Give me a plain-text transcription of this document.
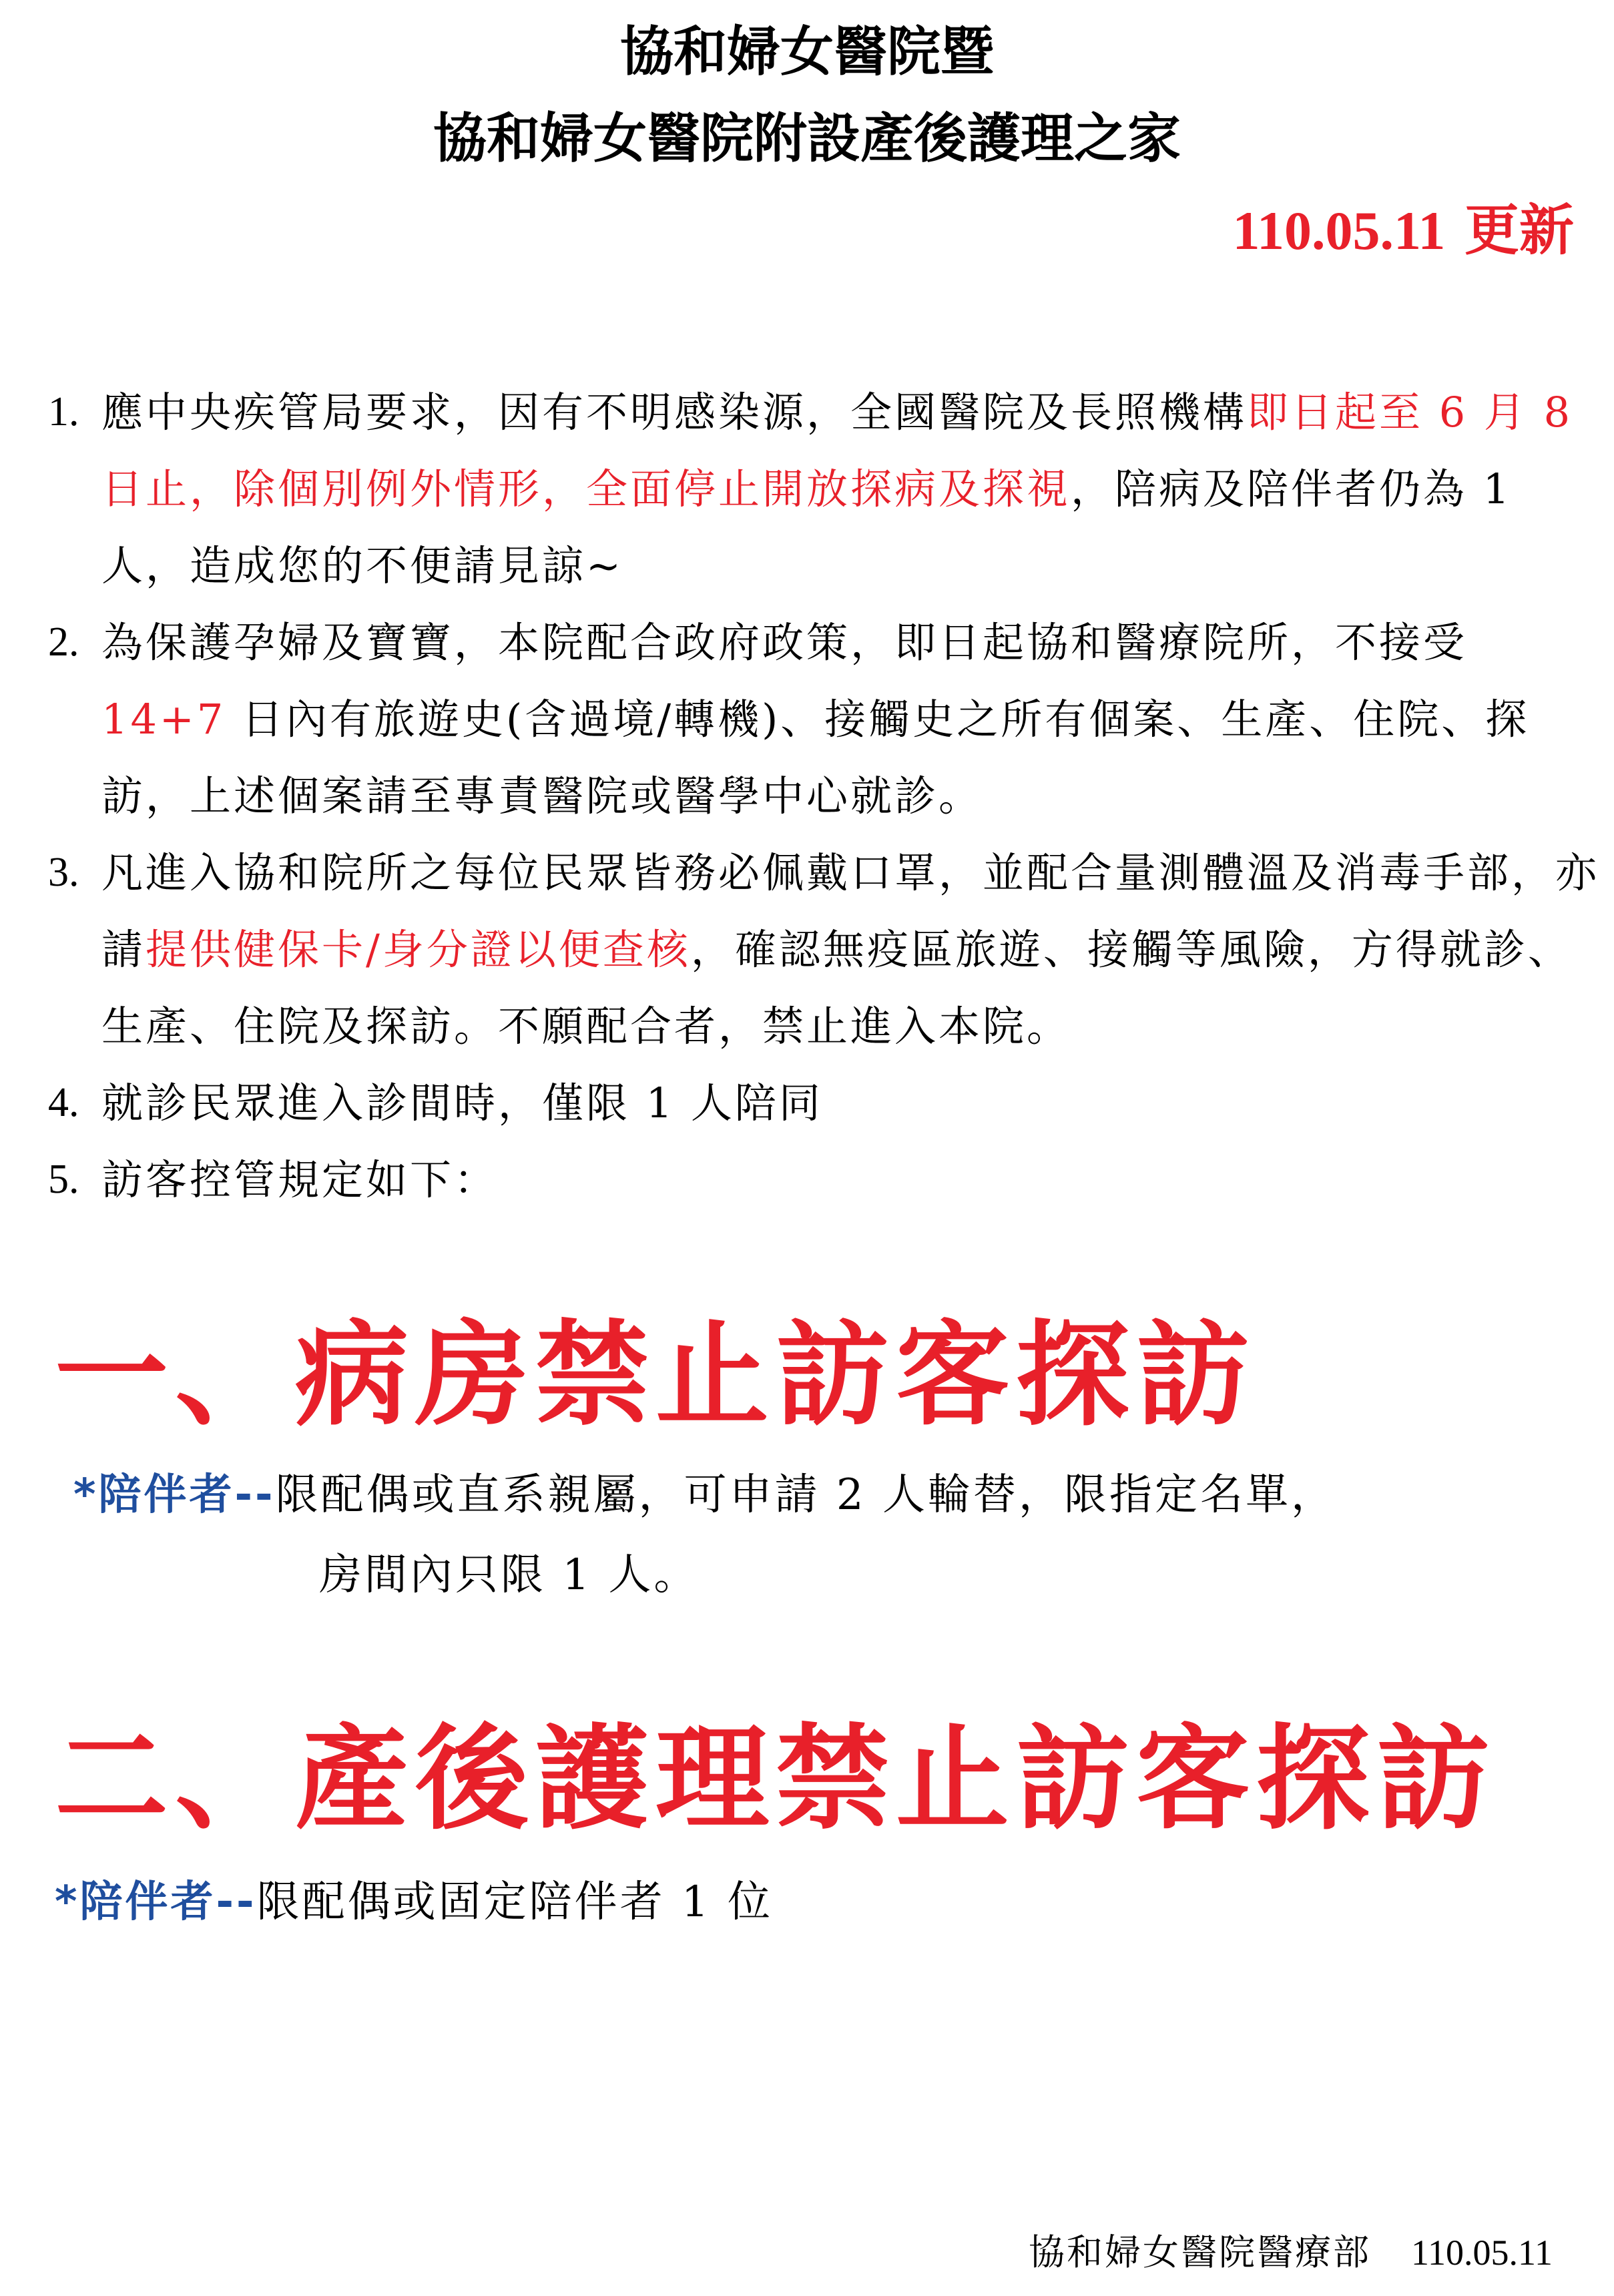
協和婦女醫院暨
協和婦女醫院附設產後護理之家
110.05.11 更新
1. 應中央疾管局要求，因有不明感染源，全國醫院及長照機構即日起至 6 月 8 日止，除個別例外情形，全面停止開放探病及探視，陪病及陪伴者仍為 1 人，造成您的不便請見諒~
2. 為保護孕婦及寶寶，本院配合政府政策，即日起協和醫療院所，不接受 14+7 日內有旅遊史(含過境/轉機)、接觸史之所有個案、生產、住院、探訪，上述個案請至專責醫院或醫學中心就診。
3. 凡進入協和院所之每位民眾皆務必佩戴口罩，並配合量測體溫及消毒手部，亦請提供健保卡/身分證以便查核，確認無疫區旅遊、接觸等風險，方得就診、生產、住院及探訪。不願配合者，禁止進入本院。
4. 就診民眾進入診間時，僅限 1 人陪同
5. 訪客控管規定如下：
一、病房禁止訪客探訪
*陪伴者--限配偶或直系親屬，可申請 2 人輪替，限指定名單，
房間內只限 1 人。
二、產後護理禁止訪客探訪
*陪伴者--限配偶或固定陪伴者 1 位
協和婦女醫院醫療部 110.05.11
